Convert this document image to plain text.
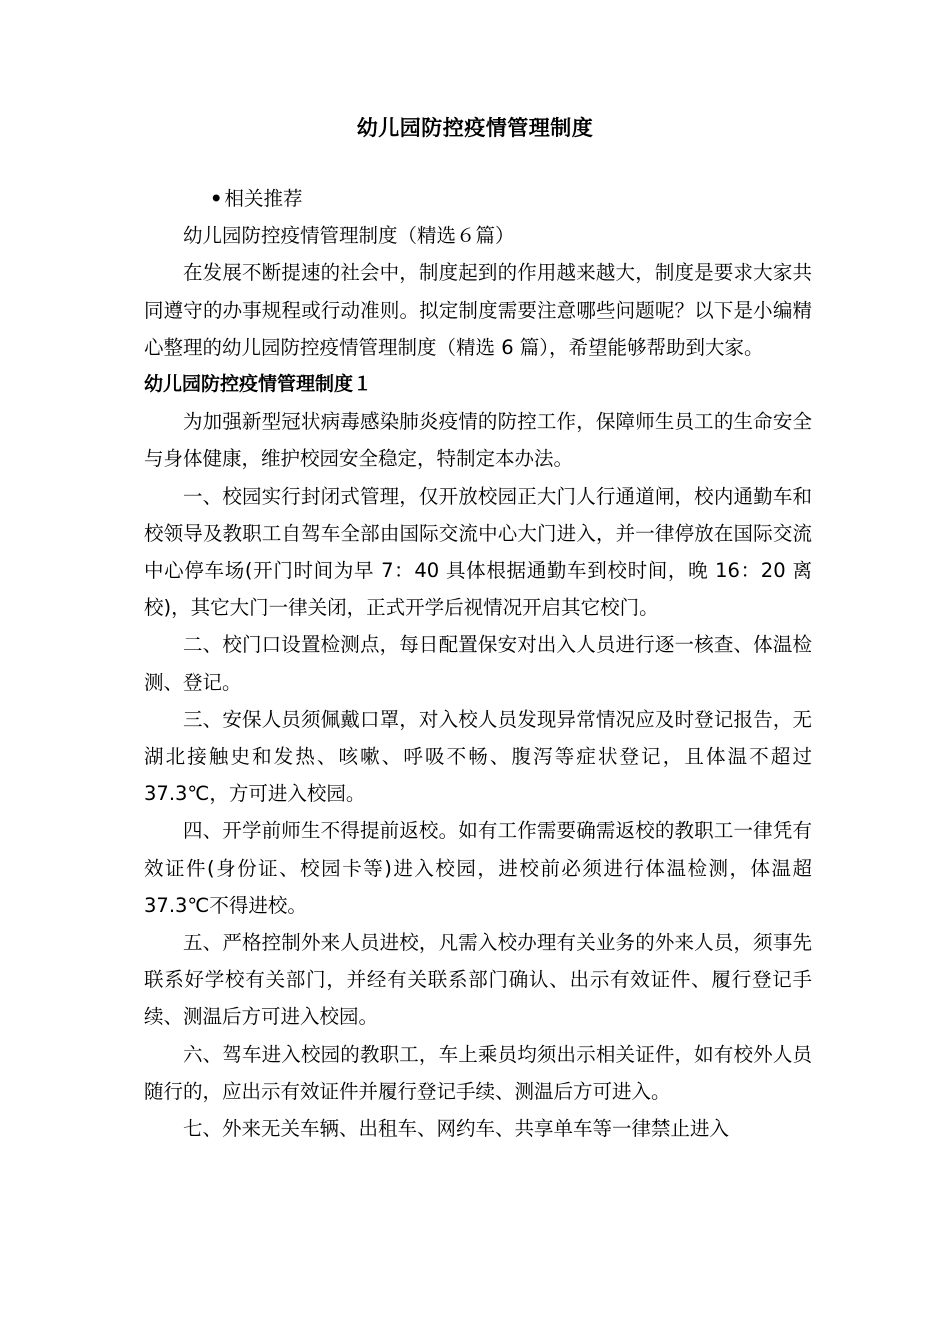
幼儿园防控疫情管理制度

• 相关推荐

幼儿园防控疫情管理制度（精选６篇）

在发展不断提速的社会中，制度起到的作用越来越大，制度是要求大家共同遵守的办事规程或行动准则。拟定制度需要注意哪些问题呢？以下是小编精心整理的幼儿园防控疫情管理制度（精选 6 篇），希望能够帮助到大家。

幼儿园防控疫情管理制度１

为加强新型冠状病毒感染肺炎疫情的防控工作，保障师生员工的生命安全与身体健康，维护校园安全稳定，特制定本办法。

一、校园实行封闭式管理，仅开放校园正大门人行通道闸，校内通勤车和校领导及教职工自驾车全部由国际交流中心大门进入，并一律停放在国际交流中心停车场(开门时间为早 7：40 具体根据通勤车到校时间，晚 16：20 离校)，其它大门一律关闭，正式开学后视情况开启其它校门。

二、校门口设置检测点，每日配置保安对出入人员进行逐一核查、体温检测、登记。

三、安保人员须佩戴口罩，对入校人员发现异常情况应及时登记报告，无湖北接触史和发热、咳嗽、呼吸不畅、腹泻等症状登记，且体温不超过 37.3℃，方可进入校园。

四、开学前师生不得提前返校。如有工作需要确需返校的教职工一律凭有效证件(身份证、校园卡等)进入校园，进校前必须进行体温检测，体温超 37.3℃不得进校。

五、严格控制外来人员进校，凡需入校办理有关业务的外来人员，须事先联系好学校有关部门，并经有关联系部门确认、出示有效证件、履行登记手续、测温后方可进入校园。

六、驾车进入校园的教职工，车上乘员均须出示相关证件，如有校外人员随行的，应出示有效证件并履行登记手续、测温后方可进入。

七、外来无关车辆、出租车、网约车、共享单车等一律禁止进入
